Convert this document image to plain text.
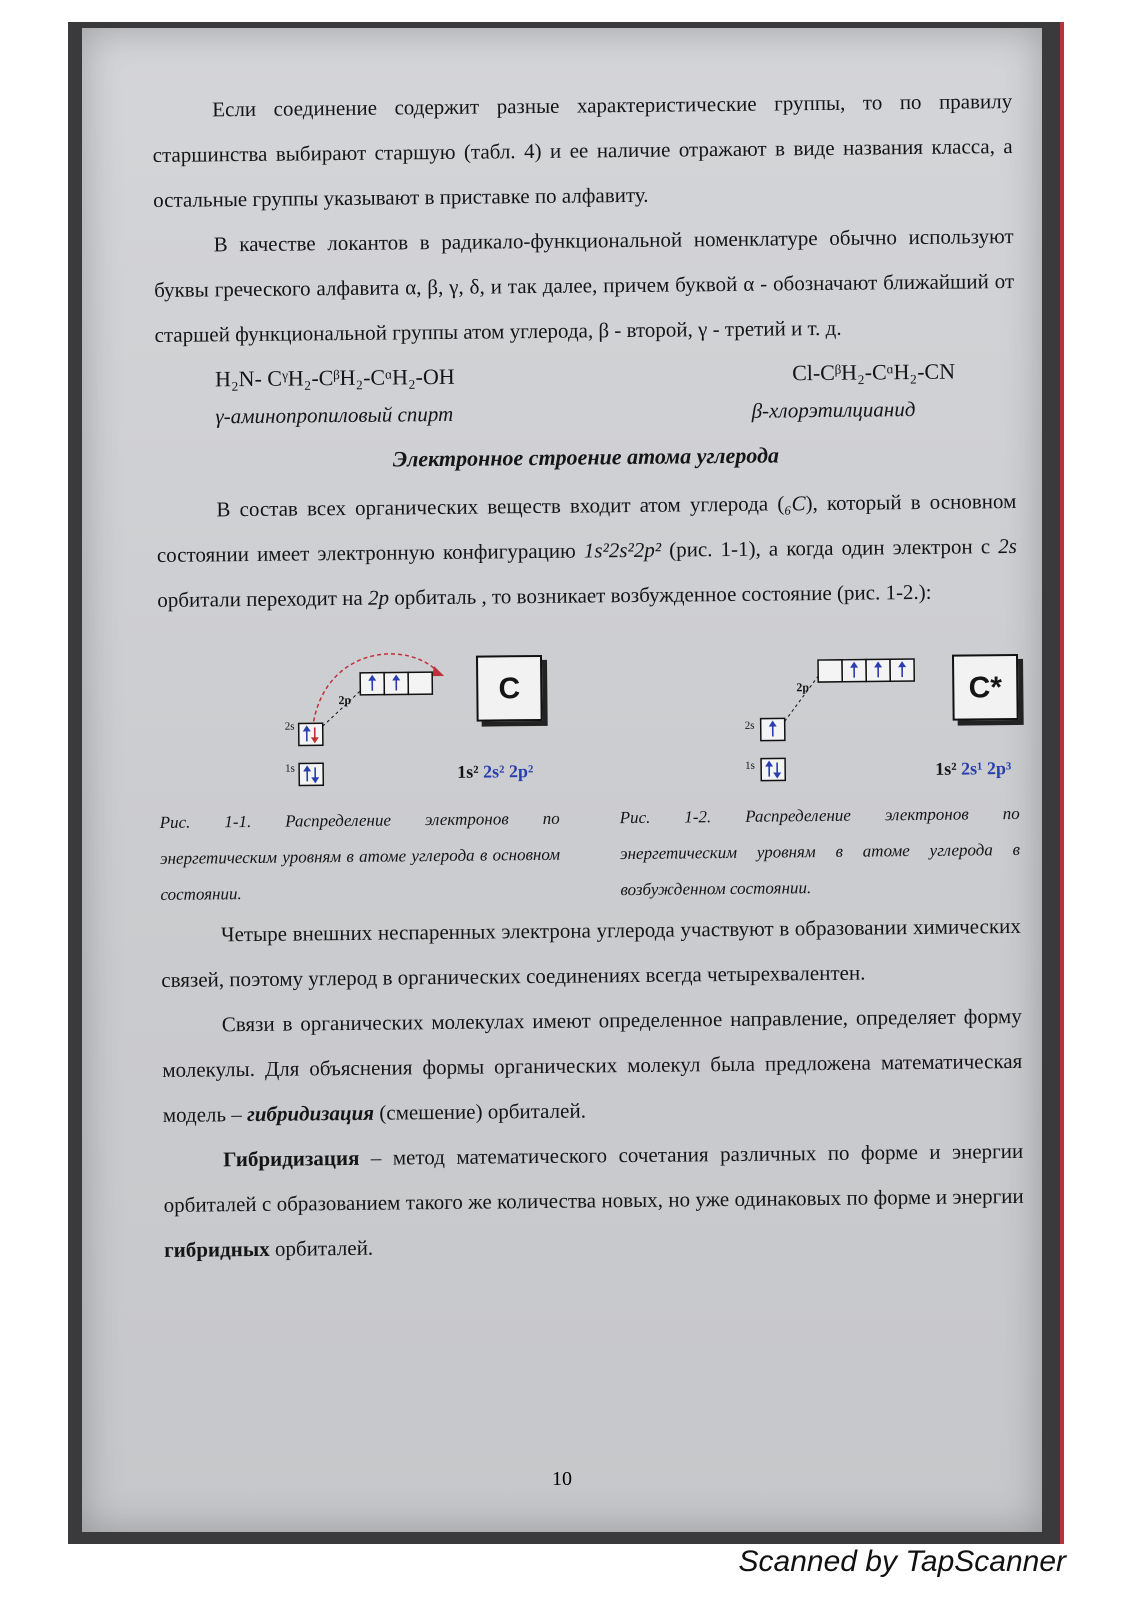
Если соединение содержит разные характеристические группы, то по правилу старшинства выбирают старшую (табл. 4) и ее наличие отражают в виде названия класса, а остальные группы указывают в приставке по алфавиту.

В качестве локантов в радикало-функциональной номенклатуре обычно используют буквы греческого алфавита α, β, γ, δ, и так далее, причем буквой α - обозначают ближайший от старшей функциональной группы атом углерода, β - второй, γ - третий и т. д.

H₂N- CᵞH₂-CᵝH₂-CᵅH₂-OH	Cl-CᵝH₂-CᵅH₂-CN
γ-аминопропиловый спирт	β-хлорэтилцианид
Электронное строение атома углерода

В состав всех органических веществ входит атом углерода (₆C), который в основном состоянии имеет электронную конфигурацию 1s²2s²2p² (рис. 1-1), а когда один электрон с 2s орбитали переходит на 2p орбиталь , то возникает возбужденное состояние (рис. 1-2.):

2s
1s
2p	C
1s² 2s² 2p²
2s
1s
2p	C*
1s² 2s¹ 2p³
Рис. 1-1. Распределение электронов по энергетическим уровням в атоме углерода в основном состоянии.
Рис. 1-2. Распределение электронов по энергетическим уровням в атоме углерода в возбужденном состоянии.

Четыре внешних неспаренных электрона углерода участвуют в образовании химических связей, поэтому углерод в органических соединениях всегда четырехвалентен.

Связи в органических молекулах имеют определенное направление, определяет форму молекулы. Для объяснения формы органических молекул была предложена математическая модель – гибридизация (смешение) орбиталей.

Гибридизация – метод математического сочетания различных по форме и энергии орбиталей с образованием такого же количества новых, но уже одинаковых по форме и энергии гибридных орбиталей.

10
Scanned by TapScanner
